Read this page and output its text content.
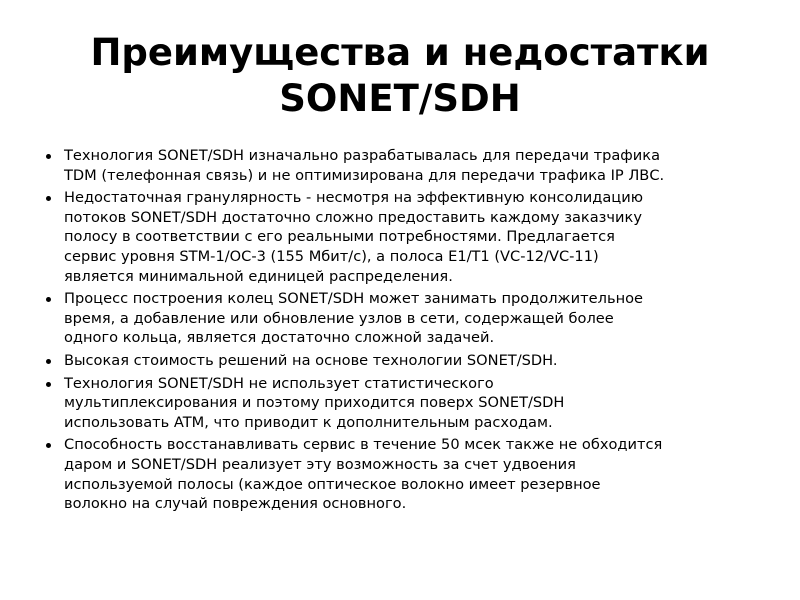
Преимущества и недостатки
SONET/SDH
Технология SONET/SDH изначально разрабатывалась для передачи трафика
TDM (телефонная связь) и не оптимизирована для передачи трафика IP ЛВС.
Недостаточная гранулярность - несмотря на эффективную консолидацию
потоков SONET/SDH достаточно сложно предоставить каждому заказчику
полосу в соответствии с его реальными потребностями. Предлагается
сервис уровня STM-1/OC-3 (155 Мбит/с), а полоса E1/T1 (VC-12/VC-11)
является минимальной единицей распределения.
Процесс построения колец SONET/SDH может занимать продолжительное
время, а добавление или обновление узлов в сети, содержащей более
одного кольца, является достаточно сложной задачей.
Высокая стоимость решений на основе технологии SONET/SDH.
Технология SONET/SDH не использует статистического
мультиплексирования и поэтому приходится поверх SONET/SDH
использовать ATM, что приводит к дополнительным расходам.
Способность восстанавливать сервис в течение 50 мсек также не обходится
даром и SONET/SDH реализует эту возможность за счет удвоения
используемой полосы (каждое оптическое волокно имеет резервное
волокно на случай повреждения основного.
